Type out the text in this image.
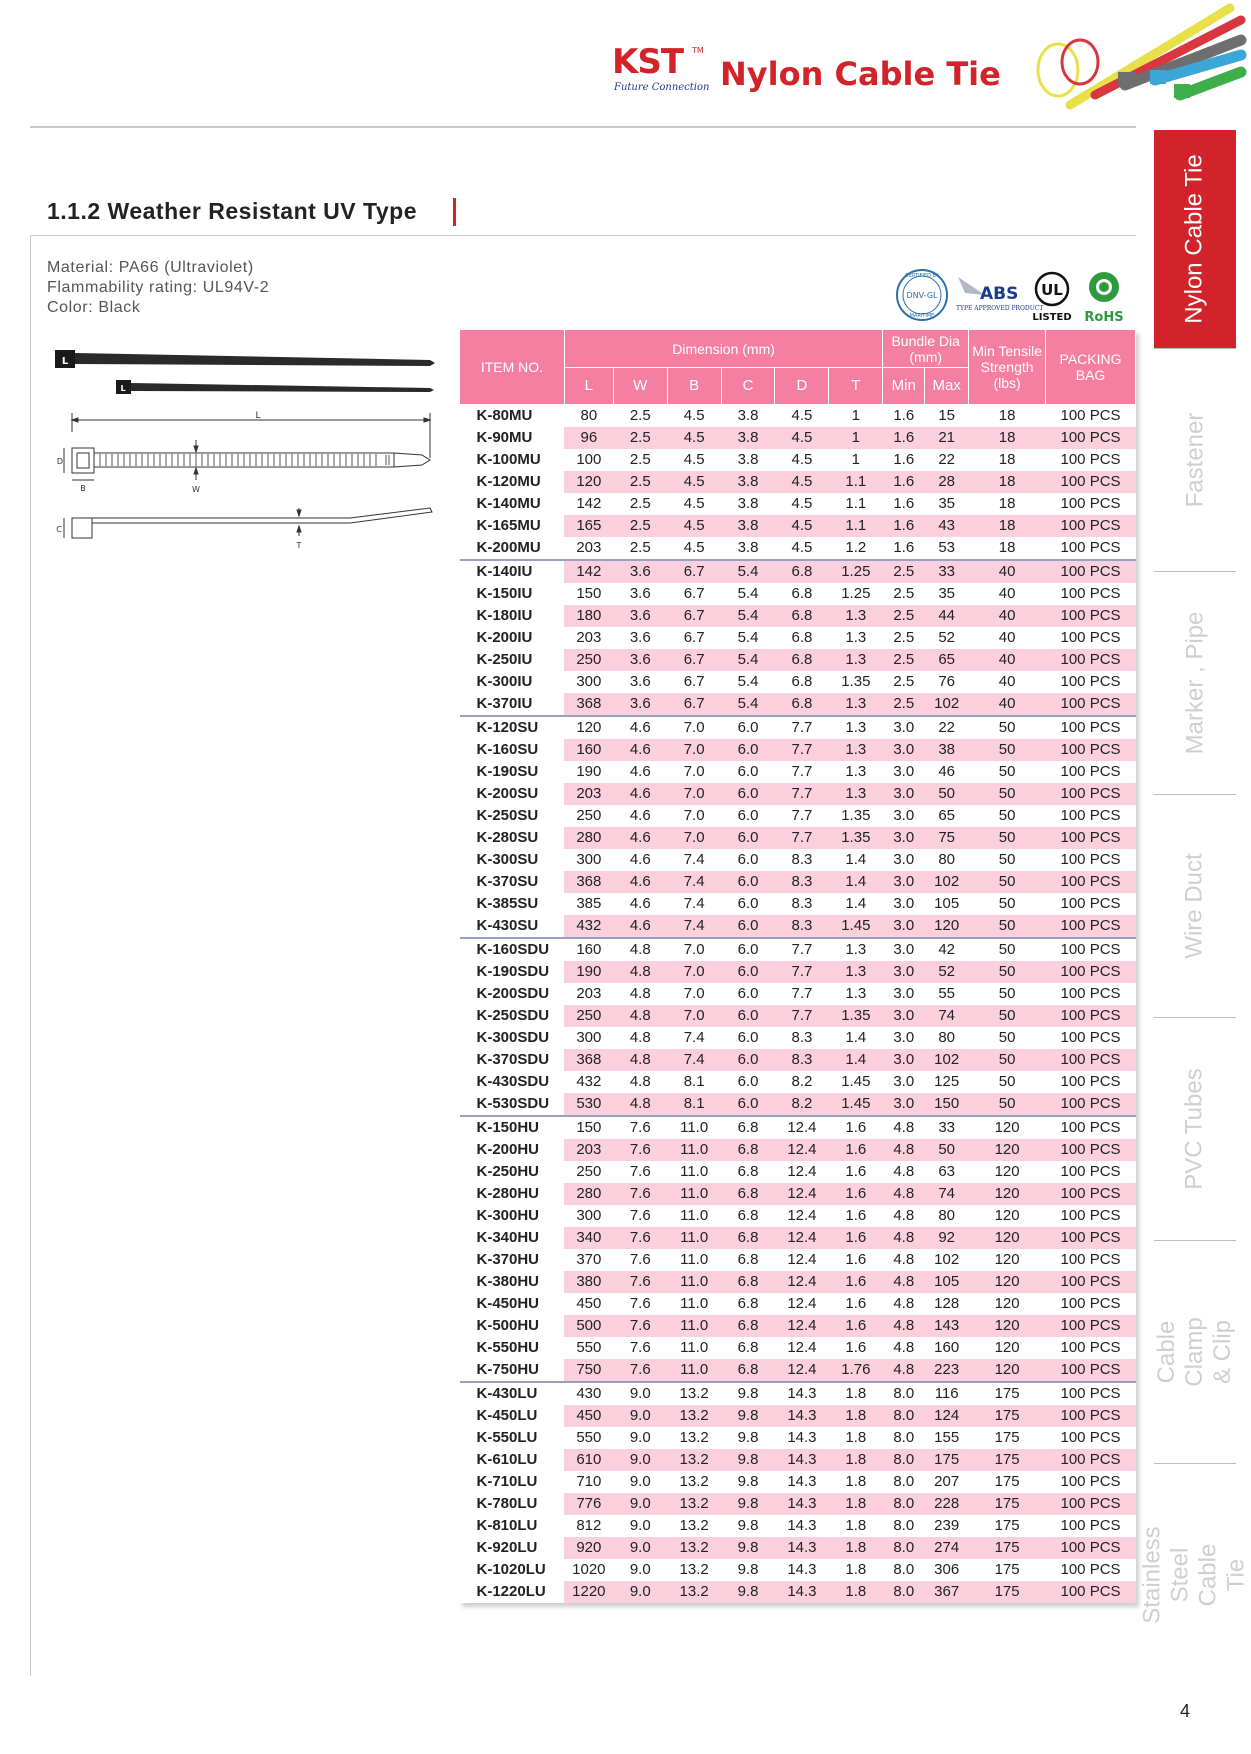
KST TM
Future Connection Nylon Cable Tie
Nylon Cable Tie
Fastener
Marker , Pipe
Wire Duct
PVC Tubes
Cable Clamp & Clip
Stainless Steel Cable Tie
1.1.2 Weather Resistant UV Type
Material: PA66 (Ultraviolet)
Flammability rating: UL94V-2
Color: Black
CERTIFIED BY
DNV-GL
MARITIME
ABS
TYPE APPROVED PRODUCT
UL
LISTED RoHS
L
L
L
D
B	W
C
T
ITEM NO.	Dimension (mm)						Bundle Dia (mm)		Min Tensile Strength (lbs)	PACKING BAG
	L	W	B	C	D	T	Min	Max		
K-80MU	80	2.5	4.5	3.8	4.5	1	1.6	15	18	100 PCS
K-90MU	96	2.5	4.5	3.8	4.5	1	1.6	21	18	100 PCS
K-100MU	100	2.5	4.5	3.8	4.5	1	1.6	22	18	100 PCS
K-120MU	120	2.5	4.5	3.8	4.5	1.1	1.6	28	18	100 PCS
K-140MU	142	2.5	4.5	3.8	4.5	1.1	1.6	35	18	100 PCS
K-165MU	165	2.5	4.5	3.8	4.5	1.1	1.6	43	18	100 PCS
K-200MU	203	2.5	4.5	3.8	4.5	1.2	1.6	53	18	100 PCS
K-140IU	142	3.6	6.7	5.4	6.8	1.25	2.5	33	40	100 PCS
K-150IU	150	3.6	6.7	5.4	6.8	1.25	2.5	35	40	100 PCS
K-180IU	180	3.6	6.7	5.4	6.8	1.3	2.5	44	40	100 PCS
K-200IU	203	3.6	6.7	5.4	6.8	1.3	2.5	52	40	100 PCS
K-250IU	250	3.6	6.7	5.4	6.8	1.3	2.5	65	40	100 PCS
K-300IU	300	3.6	6.7	5.4	6.8	1.35	2.5	76	40	100 PCS
K-370IU	368	3.6	6.7	5.4	6.8	1.3	2.5	102	40	100 PCS
K-120SU	120	4.6	7.0	6.0	7.7	1.3	3.0	22	50	100 PCS
K-160SU	160	4.6	7.0	6.0	7.7	1.3	3.0	38	50	100 PCS
K-190SU	190	4.6	7.0	6.0	7.7	1.3	3.0	46	50	100 PCS
K-200SU	203	4.6	7.0	6.0	7.7	1.3	3.0	50	50	100 PCS
K-250SU	250	4.6	7.0	6.0	7.7	1.35	3.0	65	50	100 PCS
K-280SU	280	4.6	7.0	6.0	7.7	1.35	3.0	75	50	100 PCS
K-300SU	300	4.6	7.4	6.0	8.3	1.4	3.0	80	50	100 PCS
K-370SU	368	4.6	7.4	6.0	8.3	1.4	3.0	102	50	100 PCS
K-385SU	385	4.6	7.4	6.0	8.3	1.4	3.0	105	50	100 PCS
K-430SU	432	4.6	7.4	6.0	8.3	1.45	3.0	120	50	100 PCS
K-160SDU	160	4.8	7.0	6.0	7.7	1.3	3.0	42	50	100 PCS
K-190SDU	190	4.8	7.0	6.0	7.7	1.3	3.0	52	50	100 PCS
K-200SDU	203	4.8	7.0	6.0	7.7	1.3	3.0	55	50	100 PCS
K-250SDU	250	4.8	7.0	6.0	7.7	1.35	3.0	74	50	100 PCS
K-300SDU	300	4.8	7.4	6.0	8.3	1.4	3.0	80	50	100 PCS
K-370SDU	368	4.8	7.4	6.0	8.3	1.4	3.0	102	50	100 PCS
K-430SDU	432	4.8	8.1	6.0	8.2	1.45	3.0	125	50	100 PCS
K-530SDU	530	4.8	8.1	6.0	8.2	1.45	3.0	150	50	100 PCS
K-150HU	150	7.6	11.0	6.8	12.4	1.6	4.8	33	120	100 PCS
K-200HU	203	7.6	11.0	6.8	12.4	1.6	4.8	50	120	100 PCS
K-250HU	250	7.6	11.0	6.8	12.4	1.6	4.8	63	120	100 PCS
K-280HU	280	7.6	11.0	6.8	12.4	1.6	4.8	74	120	100 PCS
K-300HU	300	7.6	11.0	6.8	12.4	1.6	4.8	80	120	100 PCS
K-340HU	340	7.6	11.0	6.8	12.4	1.6	4.8	92	120	100 PCS
K-370HU	370	7.6	11.0	6.8	12.4	1.6	4.8	102	120	100 PCS
K-380HU	380	7.6	11.0	6.8	12.4	1.6	4.8	105	120	100 PCS
K-450HU	450	7.6	11.0	6.8	12.4	1.6	4.8	128	120	100 PCS
K-500HU	500	7.6	11.0	6.8	12.4	1.6	4.8	143	120	100 PCS
K-550HU	550	7.6	11.0	6.8	12.4	1.6	4.8	160	120	100 PCS
K-750HU	750	7.6	11.0	6.8	12.4	1.76	4.8	223	120	100 PCS
K-430LU	430	9.0	13.2	9.8	14.3	1.8	8.0	116	175	100 PCS
K-450LU	450	9.0	13.2	9.8	14.3	1.8	8.0	124	175	100 PCS
K-550LU	550	9.0	13.2	9.8	14.3	1.8	8.0	155	175	100 PCS
K-610LU	610	9.0	13.2	9.8	14.3	1.8	8.0	175	175	100 PCS
K-710LU	710	9.0	13.2	9.8	14.3	1.8	8.0	207	175	100 PCS
K-780LU	776	9.0	13.2	9.8	14.3	1.8	8.0	228	175	100 PCS
K-810LU	812	9.0	13.2	9.8	14.3	1.8	8.0	239	175	100 PCS
K-920LU	920	9.0	13.2	9.8	14.3	1.8	8.0	274	175	100 PCS
K-1020LU	1020	9.0	13.2	9.8	14.3	1.8	8.0	306	175	100 PCS
K-1220LU	1220	9.0	13.2	9.8	14.3	1.8	8.0	367	175	100 PCS
4
